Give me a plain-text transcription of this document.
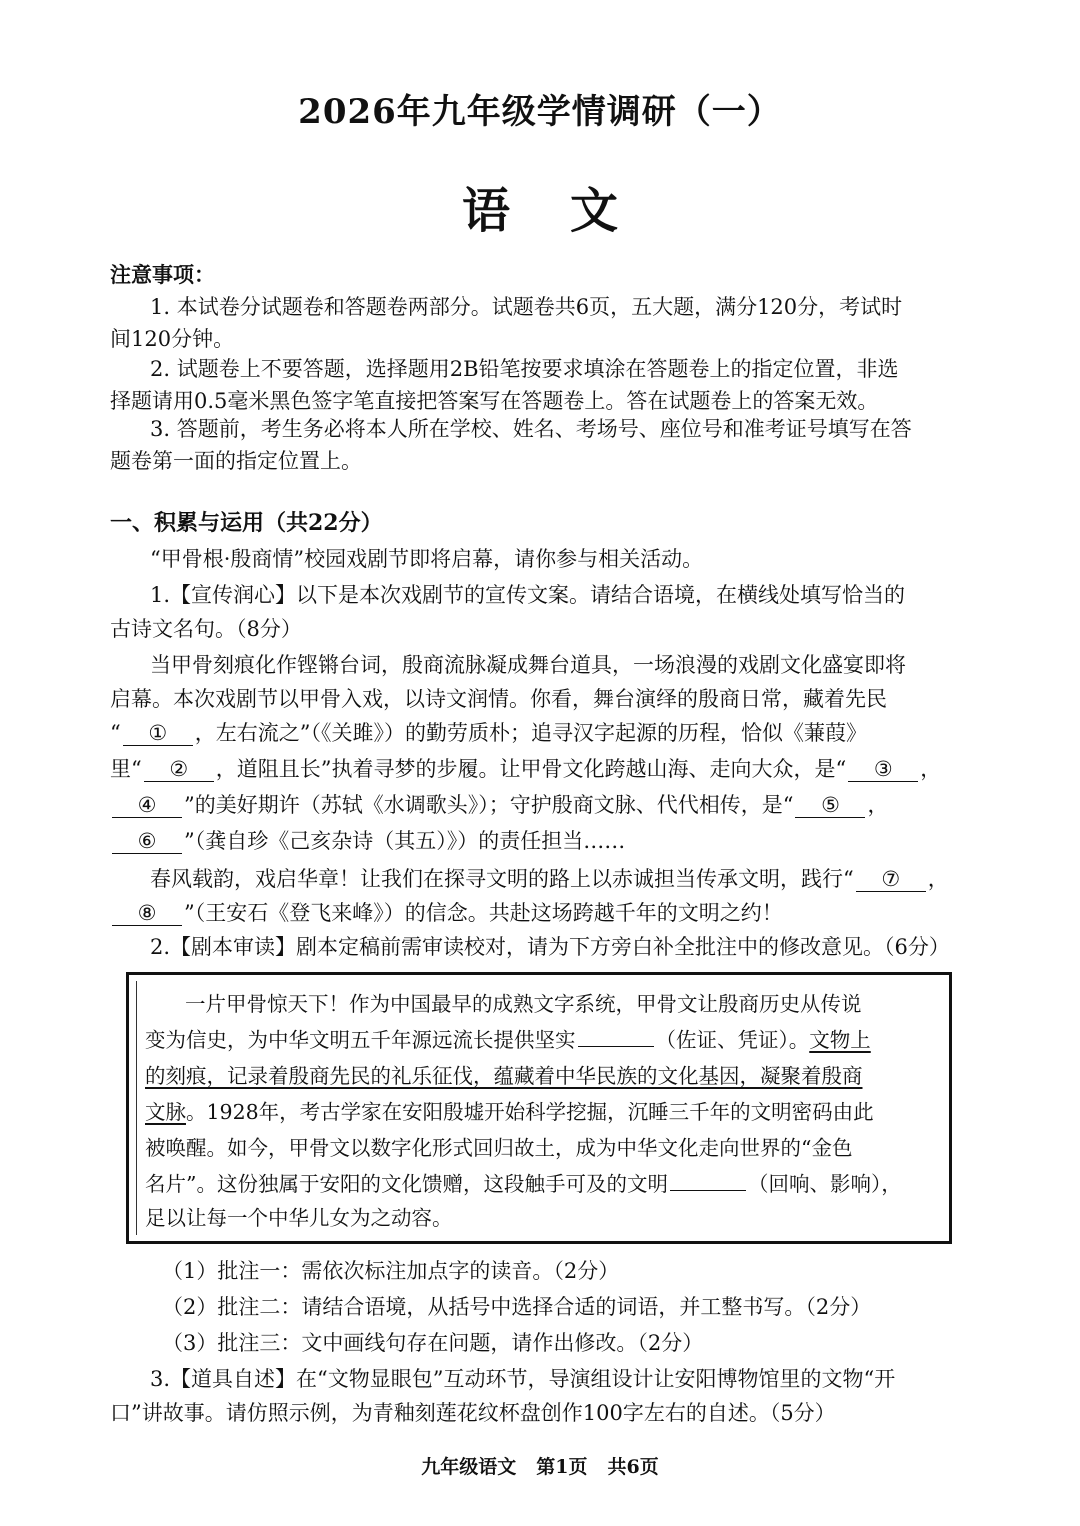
2026年九年级学情调研（一）
语文
注意事项：
1. 本试卷分试题卷和答题卷两部分。试题卷共6页，五大题，满分120分，考试时
间120分钟。
2. 试题卷上不要答题，选择题用2B铅笔按要求填涂在答题卷上的指定位置，非选
择题请用0.5毫米黑色签字笔直接把答案写在答题卷上。答在试题卷上的答案无效。
3. 答题前，考生务必将本人所在学校、姓名、考场号、座位号和准考证号填写在答
题卷第一面的指定位置上。
一、积累与运用（共22分）
“甲骨根·殷商情”校园戏剧节即将启幕，请你参与相关活动。
1.【宣传润心】以下是本次戏剧节的宣传文案。请结合语境，在横线处填写恰当的
古诗文名句。（8分）
当甲骨刻痕化作铿锵台词，殷商流脉凝成舞台道具，一场浪漫的戏剧文化盛宴即将
启幕。本次戏剧节以甲骨入戏，以诗文润情。你看，舞台演绎的殷商日常，藏着先民
“ ① ，左右流之”（《关雎》）的勤劳质朴；追寻汉字起源的历程，恰似《蒹葭》
里“ ② ，道阻且长”执着寻梦的步履。让甲骨文化跨越山海、走向大众，是“ ③ ，
④ ”的美好期许（苏轼《水调歌头》）；守护殷商文脉、代代相传，是“ ⑤ ，
⑥ ”（龚自珍《己亥杂诗（其五）》）的责任担当……
春风载韵，戏启华章！让我们在探寻文明的路上以赤诚担当传承文明，践行“ ⑦ ，
⑧ ”（王安石《登飞来峰》）的信念。共赴这场跨越千年的文明之约！
2.【剧本审读】剧本定稿前需审读校对，请为下方旁白补全批注中的修改意见。（6分）
一片甲骨惊天下！作为中国最早的成熟文字系统，甲骨文让殷商历史从传说
变为信史，为中华文明五千年源远流长提供坚实	（佐证、凭证）。文物上
的刻痕，记录着殷商先民的礼乐征伐，蕴藏着中华民族的文化基因，凝聚着殷商
文脉。1928年，考古学家在安阳殷墟开始科学挖掘，沉睡三千年的文明密码由此
被唤醒。如今，甲骨文以数字化形式回归故土，成为中华文化走向世界的“金色
名片”。这份独属于安阳的文化馈赠，这段触手可及的文明	（回响、影响），
足以让每一个中华儿女为之动容。
（1）批注一：需依次标注加点字的读音。（2分）
（2）批注二：请结合语境，从括号中选择合适的词语，并工整书写。（2分）
（3）批注三：文中画线句存在问题，请作出修改。（2分）
3.【道具自述】在“文物显眼包”互动环节，导演组设计让安阳博物馆里的文物“开
口”讲故事。请仿照示例，为青釉刻莲花纹杯盘创作100字左右的自述。（5分）
九年级语文 第1页 共6页
